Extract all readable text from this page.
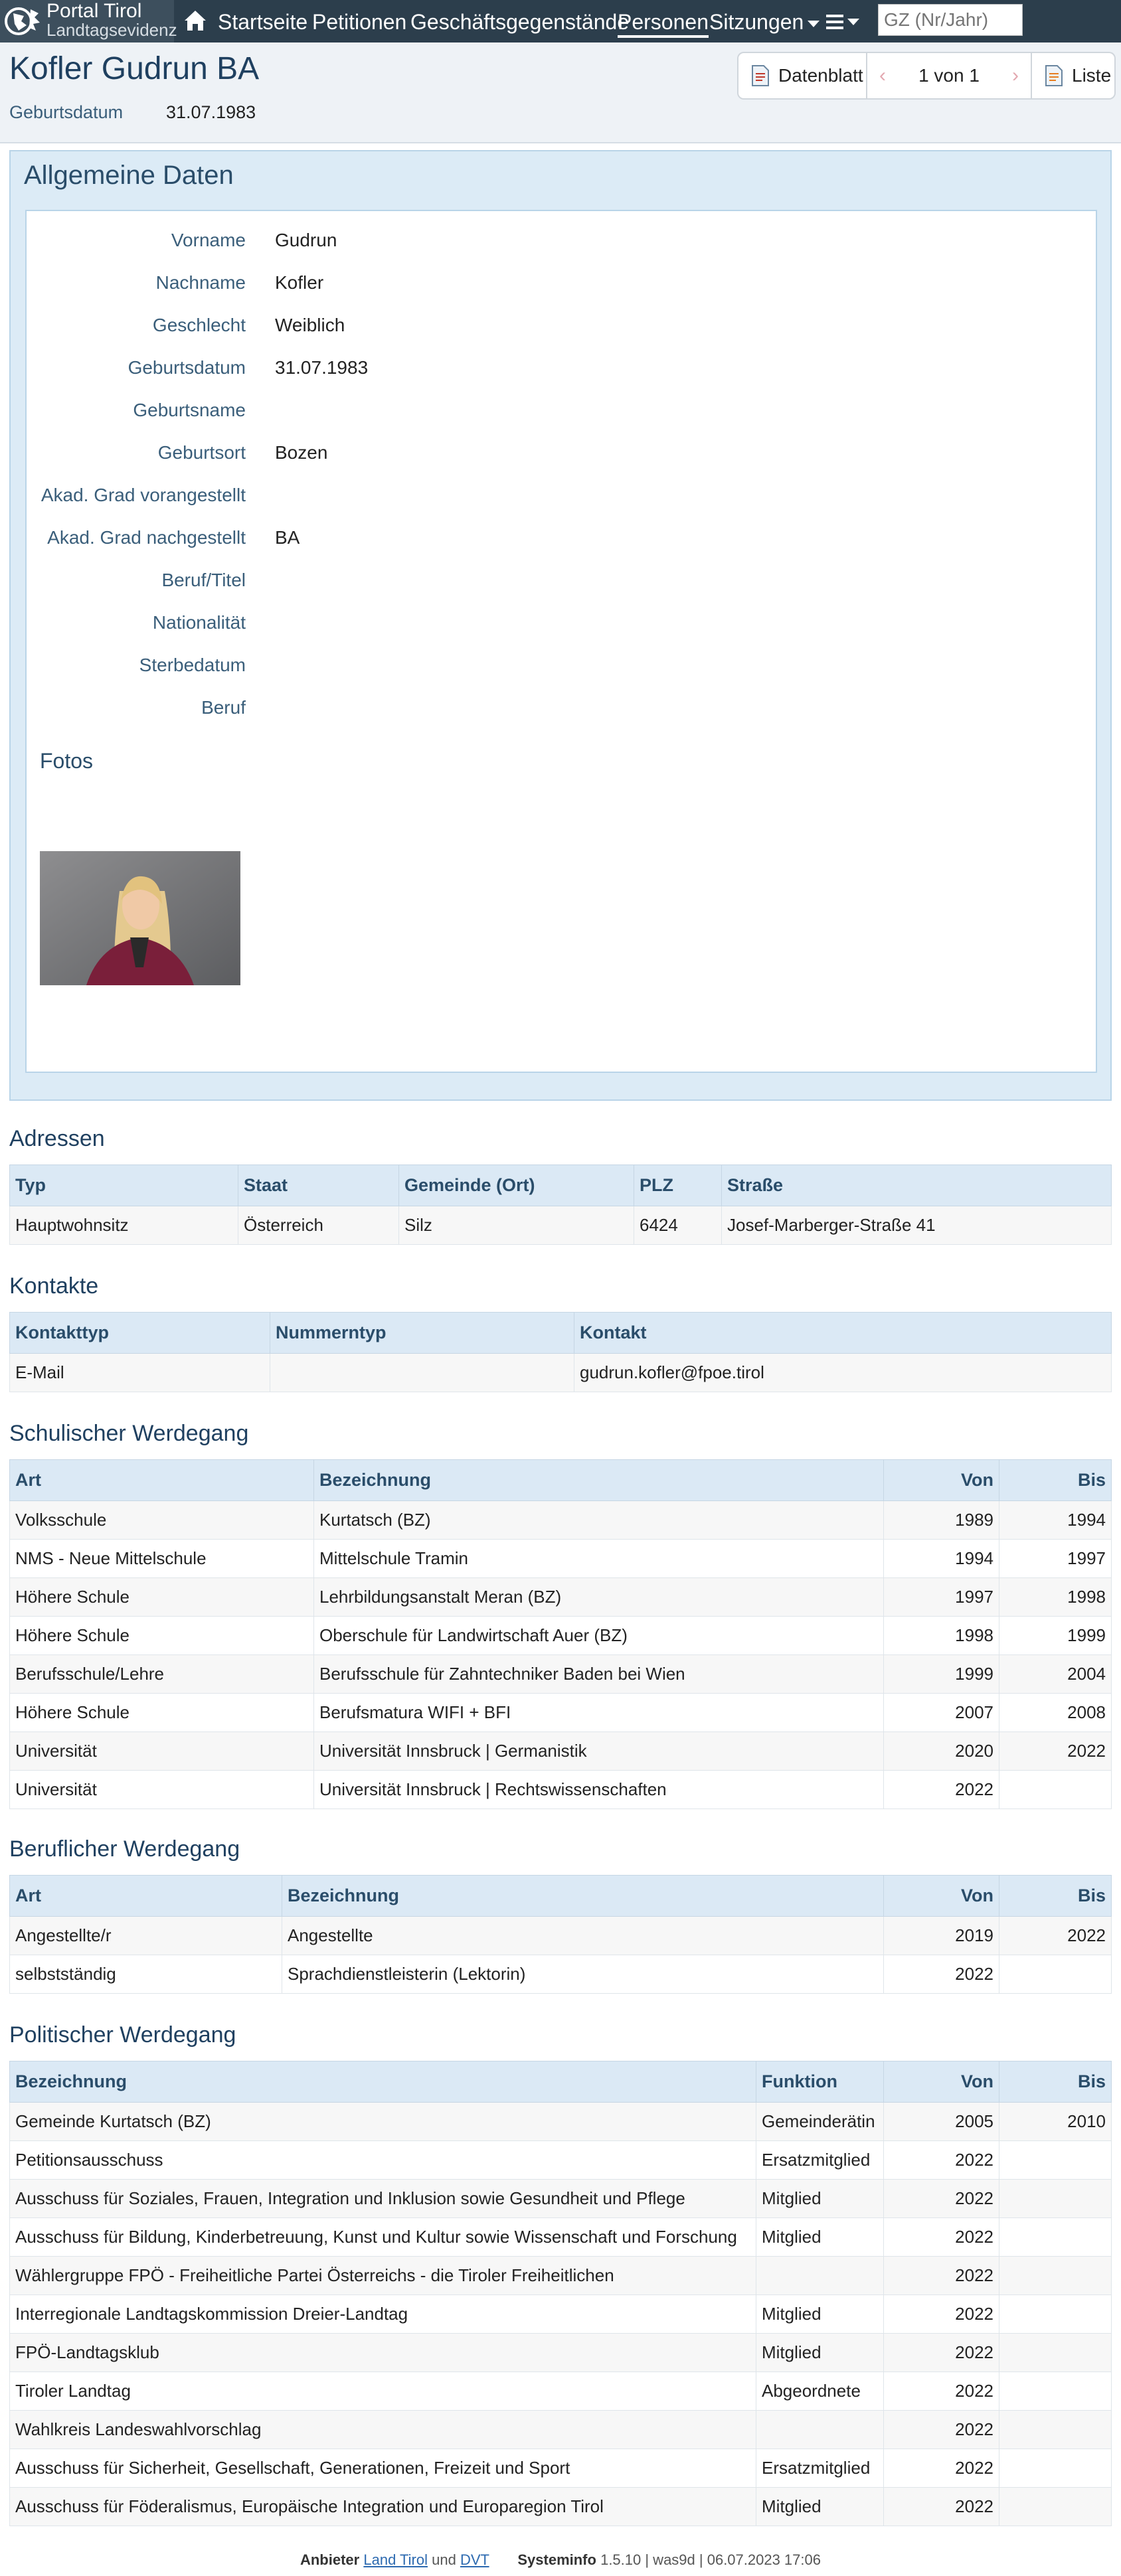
Portal Tirol
Landtagsevidenz Startseite Petitionen Geschäftsgegenstände
Personen Sitzungen
GZ (Nr/Jahr)
Kofler Gudrun BA
Geburtsdatum 31.07.1983
Datenblatt ‹ 1 von 1 ›	Liste
Allgemeine Daten
Vorname Gudrun
Nachname Kofler
Geschlecht Weiblich
Geburtsdatum 31.07.1983
Geburtsname
Geburtsort Bozen
Akad. Grad vorangestellt
Akad. Grad nachgestellt BA
Beruf/Titel
Nationalität
Sterbedatum
Beruf
Fotos
Adressen
Typ	Staat	Gemeinde (Ort)	PLZ	Straße
Hauptwohnsitz	Österreich	Silz	6424	Josef-Marberger-Straße 41
Kontakte
Kontakttyp	Nummerntyp	Kontakt
E-Mail		gudrun.kofler@fpoe.tirol
Schulischer Werdegang
Art	Bezeichnung	Von	Bis
Volksschule	Kurtatsch (BZ)	1989	1994
NMS - Neue Mittelschule	Mittelschule Tramin	1994	1997
Höhere Schule	Lehrbildungsanstalt Meran (BZ)	1997	1998
Höhere Schule	Oberschule für Landwirtschaft Auer (BZ)	1998	1999
Berufsschule/Lehre	Berufsschule für Zahntechniker Baden bei Wien	1999	2004
Höhere Schule	Berufsmatura WIFI + BFI	2007	2008
Universität	Universität Innsbruck | Germanistik	2020	2022
Universität	Universität Innsbruck | Rechtswissenschaften	2022	
Beruflicher Werdegang
Art	Bezeichnung	Von	Bis
Angestellte/r	Angestellte	2019	2022
selbstständig	Sprachdienstleisterin (Lektorin)	2022	
Politischer Werdegang
Bezeichnung	Funktion	Von	Bis
Gemeinde Kurtatsch (BZ)	Gemeinderätin	2005	2010
Petitionsausschuss	Ersatzmitglied	2022	
Ausschuss für Soziales, Frauen, Integration und Inklusion sowie Gesundheit und Pflege	Mitglied	2022	
Ausschuss für Bildung, Kinderbetreuung, Kunst und Kultur sowie Wissenschaft und Forschung	Mitglied	2022	
Wählergruppe FPÖ - Freiheitliche Partei Österreichs - die Tiroler Freiheitlichen		2022	
Interregionale Landtagskommission Dreier-Landtag	Mitglied	2022	
FPÖ-Landtagsklub	Mitglied	2022	
Tiroler Landtag	Abgeordnete	2022	
Wahlkreis Landeswahlvorschlag		2022	
Ausschuss für Sicherheit, Gesellschaft, Generationen, Freizeit und Sport	Ersatzmitglied	2022	
Ausschuss für Föderalismus, Europäische Integration und Europaregion Tirol	Mitglied	2022	
Anbieter Land Tirol und DVT Systeminfo 1.5.10 | was9d | 06.07.2023 17:06
